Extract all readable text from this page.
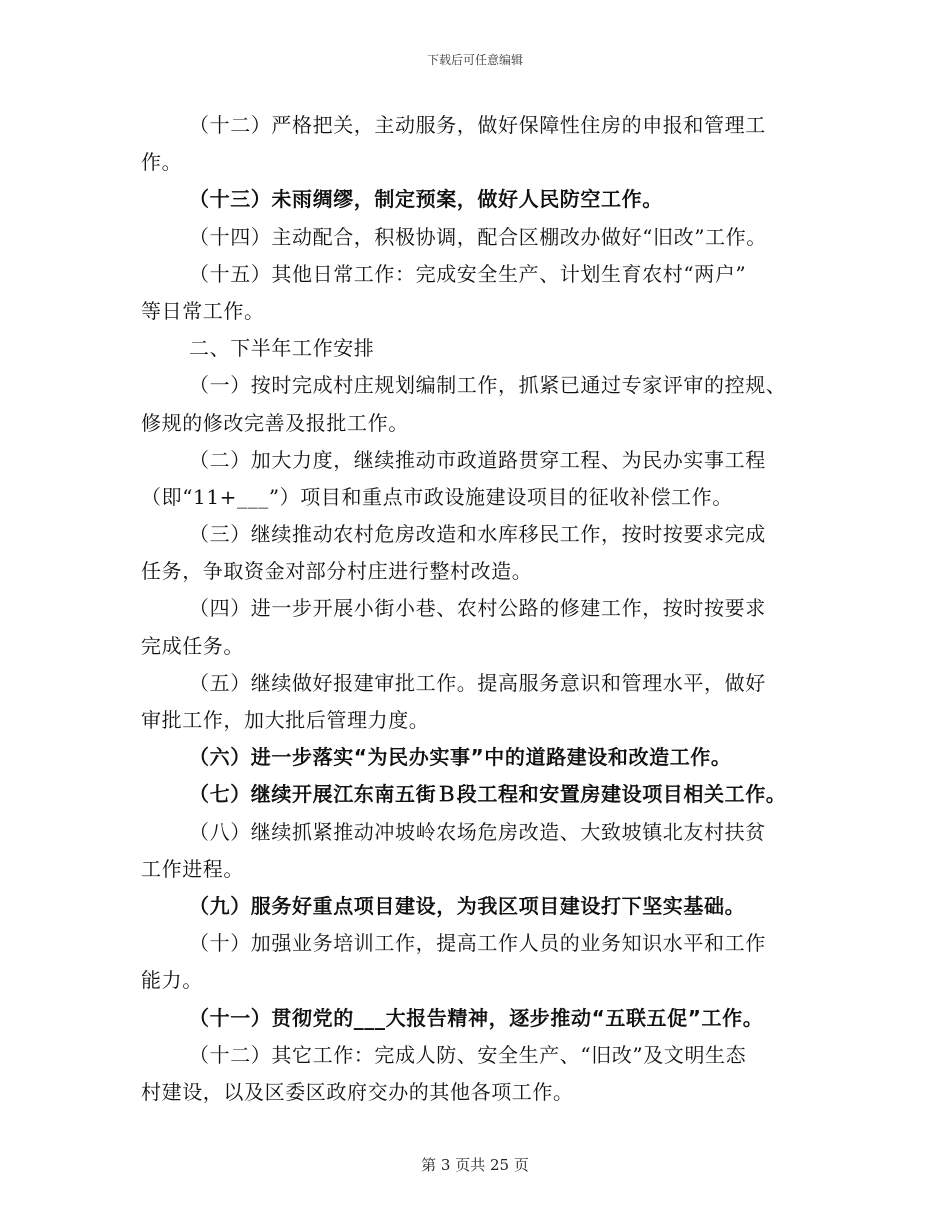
下载后可任意编辑
（十二）严格把关，主动服务，做好保障性住房的申报和管理工
作。
（十三）未雨绸缪，制定预案，做好人民防空工作。
（十四）主动配合，积极协调，配合区棚改办做好“旧改”工作。
（十五）其他日常工作：完成安全生产、计划生育农村“两户”
等日常工作。
二、下半年工作安排
（一）按时完成村庄规划编制工作，抓紧已通过专家评审的控规、
修规的修改完善及报批工作。
（二）加大力度，继续推动市政道路贯穿工程、为民办实事工程
（即“11+___”）项目和重点市政设施建设项目的征收补偿工作。
（三）继续推动农村危房改造和水库移民工作，按时按要求完成
任务，争取资金对部分村庄进行整村改造。
（四）进一步开展小街小巷、农村公路的修建工作，按时按要求
完成任务。
（五）继续做好报建审批工作。提高服务意识和管理水平，做好
审批工作，加大批后管理力度。
（六）进一步落实“为民办实事”中的道路建设和改造工作。
（七）继续开展江东南五街Ｂ段工程和安置房建设项目相关工作。
（八）继续抓紧推动冲坡岭农场危房改造、大致坡镇北友村扶贫
工作进程。
（九）服务好重点项目建设，为我区项目建设打下坚实基础。
（十）加强业务培训工作，提高工作人员的业务知识水平和工作
能力。
（十一）贯彻党的___大报告精神，逐步推动“五联五促”工作。
（十二）其它工作：完成人防、安全生产、“旧改”及文明生态
村建设，以及区委区政府交办的其他各项工作。
第 3 页共 25 页
